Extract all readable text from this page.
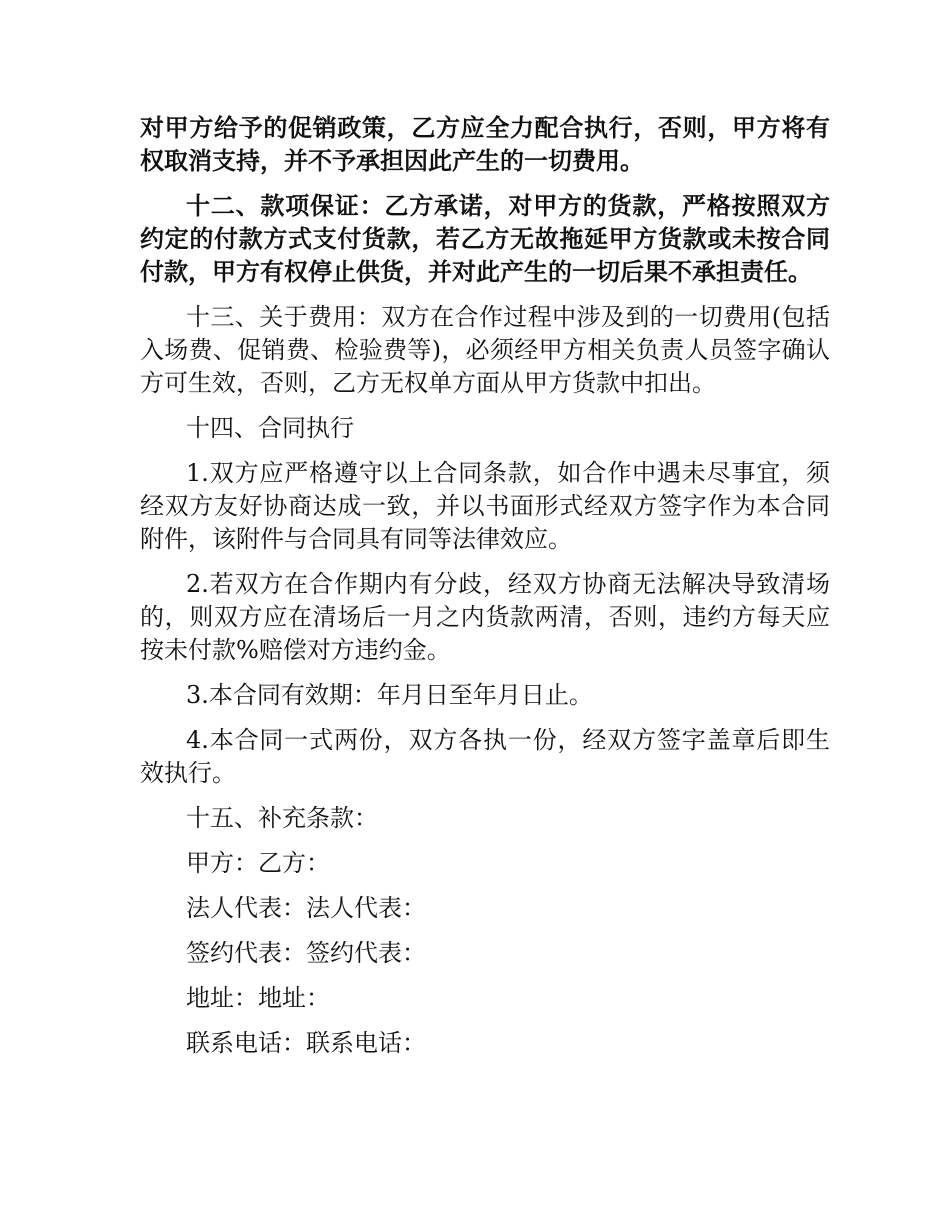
对甲方给予的促销政策，乙方应全力配合执行，否则，甲方将有权取消支持，并不予承担因此产生的一切费用。

十二、款项保证：乙方承诺，对甲方的货款，严格按照双方约定的付款方式支付货款，若乙方无故拖延甲方货款或未按合同付款，甲方有权停止供货，并对此产生的一切后果不承担责任。

十三、关于费用：双方在合作过程中涉及到的一切费用(包括入场费、促销费、检验费等)，必须经甲方相关负责人员签字确认方可生效，否则，乙方无权单方面从甲方货款中扣出。

十四、合同执行

1.双方应严格遵守以上合同条款，如合作中遇未尽事宜，须经双方友好协商达成一致，并以书面形式经双方签字作为本合同附件，该附件与合同具有同等法律效应。

2.若双方在合作期内有分歧，经双方协商无法解决导致清场的，则双方应在清场后一月之内货款两清，否则，违约方每天应按未付款%赔偿对方违约金。

3.本合同有效期：年月日至年月日止。

4.本合同一式两份，双方各执一份，经双方签字盖章后即生效执行。

十五、补充条款：

甲方：乙方：
法人代表：法人代表：
签约代表：签约代表：
地址：地址：
联系电话：联系电话：
